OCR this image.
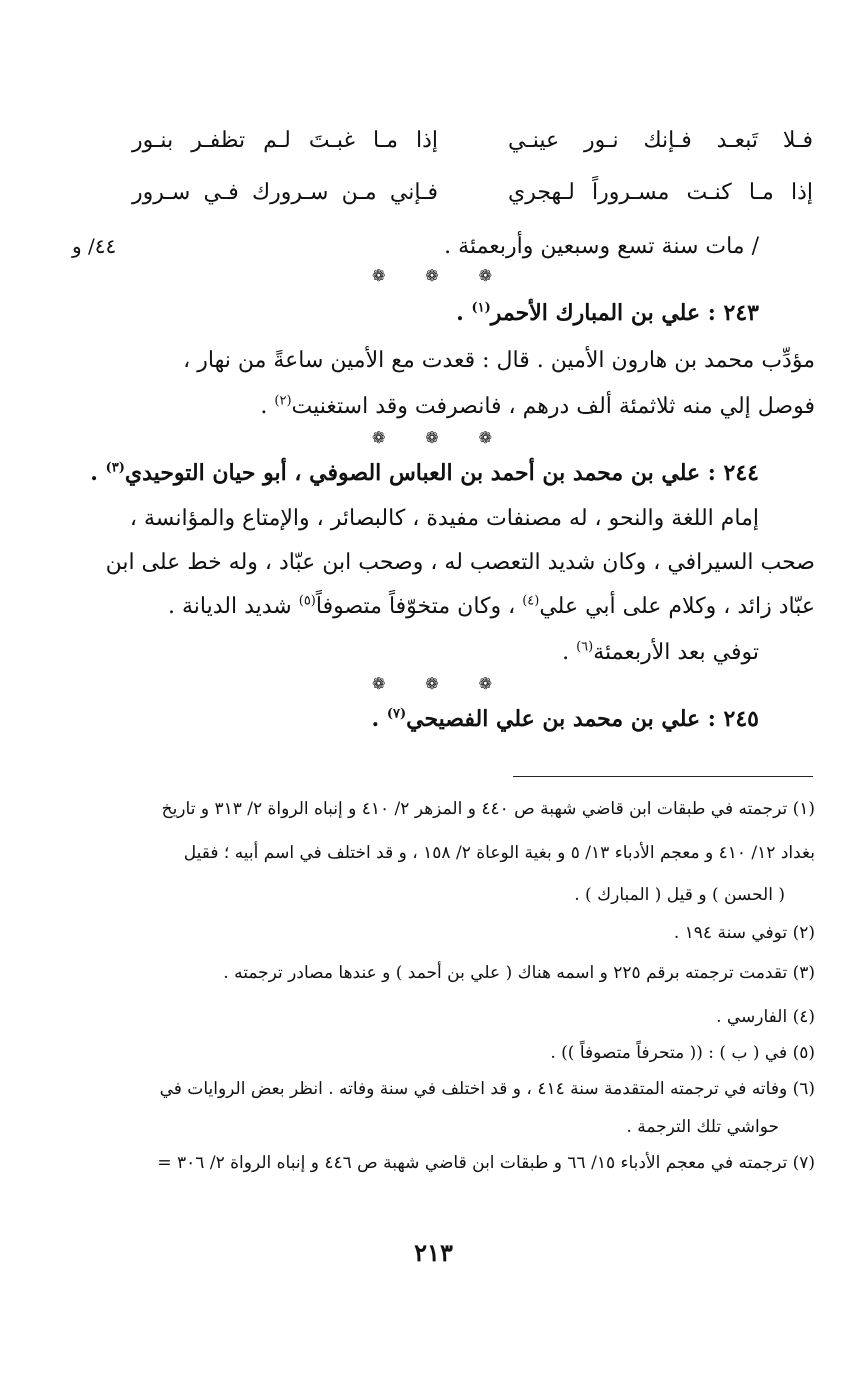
فـلا تَبعـد فـإنك نـور عينـي
إذا مـا غبـتَ لـم تظفـر بنـور
إذا مـا كنـت مسـروراً لـهجري
فـإني مـن سـرورك فـي سـرور
٤٤/ و	/ مات سنة تسع وسبعين وأربعمئة .
❁ ❁ ❁
٢٤٣ : علي بن المبارك الأحمر$^{(١)}$ .
مؤدِّب محمد بن هارون الأمين . قال : قعدت مع الأمين ساعةً من نهار ،
فوصل إلي منه ثلاثمئة ألف درهم ، فانصرفت وقد استغنيت$^{(٢)}$ .
❁ ❁ ❁
٢٤٤ : علي بن محمد بن أحمد بن العباس الصوفي ، أبو حيان التوحيدي$^{(٣)}$ .
إمام اللغة والنحو ، له مصنفات مفيدة ، كالبصائر ، والإمتاع والمؤانسة ،
صحب السيرافي ، وكان شديد التعصب له ، وصحب ابن عبّاد ، وله خط على ابن
عبّاد زائد ، وكلام على أبي علي$^{(٤)}$ ، وكان متخوّفاً متصوفاً$^{(٥)}$ شديد الديانة .
توفي بعد الأربعمئة$^{(٦)}$ .
❁ ❁ ❁
٢٤٥ : علي بن محمد بن علي الفصيحي$^{(٧)}$ .
(١) ترجمته في طبقات ابن قاضي شهبة ص ٤٤٠ و المزهر ٢/ ٤١٠ و إنباه الرواة ٢/ ٣١٣ و تاريخ
بغداد ١٢/ ٤١٠ و معجم الأدباء ١٣/ ٥ و بغية الوعاة ٢/ ١٥٨ ، و قد اختلف في اسم أبيه ؛ فقيل
( الحسن ) و قيل ( المبارك ) .
(٢) توفي سنة ١٩٤ .
(٣) تقدمت ترجمته برقم ٢٢٥ و اسمه هناك ( علي بن أحمد ) و عندها مصادر ترجمته .
(٤) الفارسي .
(٥) في ( ب ) : (( متحرفاً متصوفاً )) .
(٦) وفاته في ترجمته المتقدمة سنة ٤١٤ ، و قد اختلف في سنة وفاته . انظر بعض الروايات في
حواشي تلك الترجمة .
(٧) ترجمته في معجم الأدباء ١٥/ ٦٦ و طبقات ابن قاضي شهبة ص ٤٤٦ و إنباه الرواة ٢/ ٣٠٦ =
٢١٣
